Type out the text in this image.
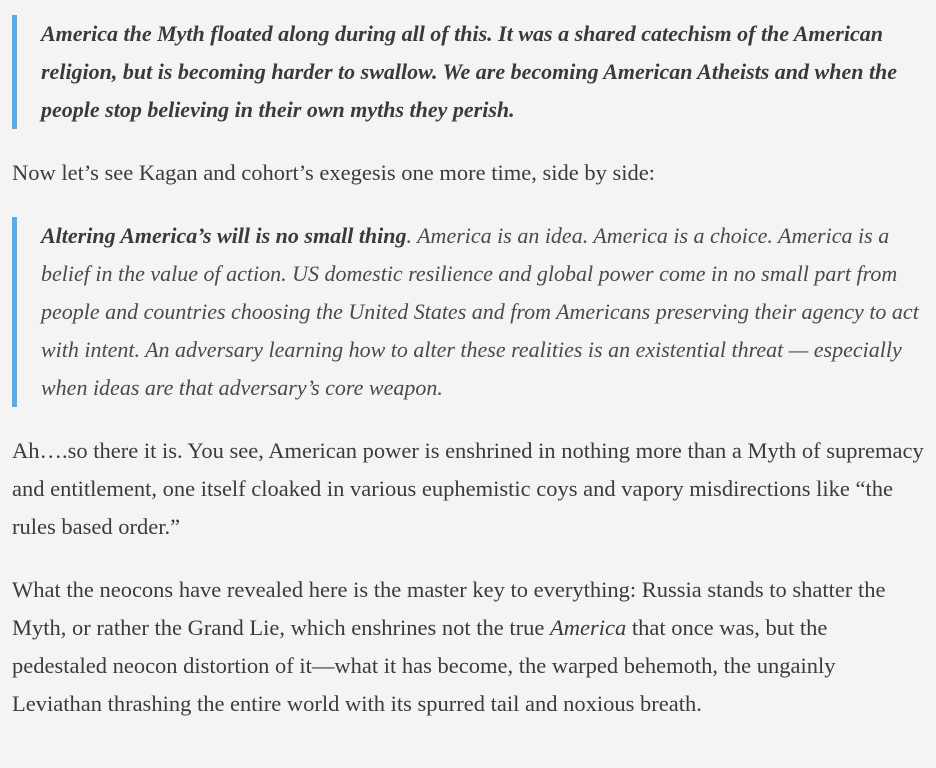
America the Myth floated along during all of this. It was a shared catechism of the American religion, but is becoming harder to swallow. We are becoming American Atheists and when the people stop believing in their own myths they perish.

Now let’s see Kagan and cohort’s exegesis one more time, side by side:

Altering America’s will is no small thing. America is an idea. America is a choice. America is a belief in the value of action. US domestic resilience and global power come in no small part from people and countries choosing the United States and from Americans preserving their agency to act with intent. An adversary learning how to alter these realities is an existential threat — especially when ideas are that adversary’s core weapon.

Ah….so there it is. You see, American power is enshrined in nothing more than a Myth of supremacy and entitlement, one itself cloaked in various euphemistic coys and vapory misdirections like “the rules based order.”

What the neocons have revealed here is the master key to everything: Russia stands to shatter the Myth, or rather the Grand Lie, which enshrines not the true America that once was, but the pedestaled neocon distortion of it—what it has become, the warped behemoth, the ungainly Leviathan thrashing the entire world with its spurred tail and noxious breath.
